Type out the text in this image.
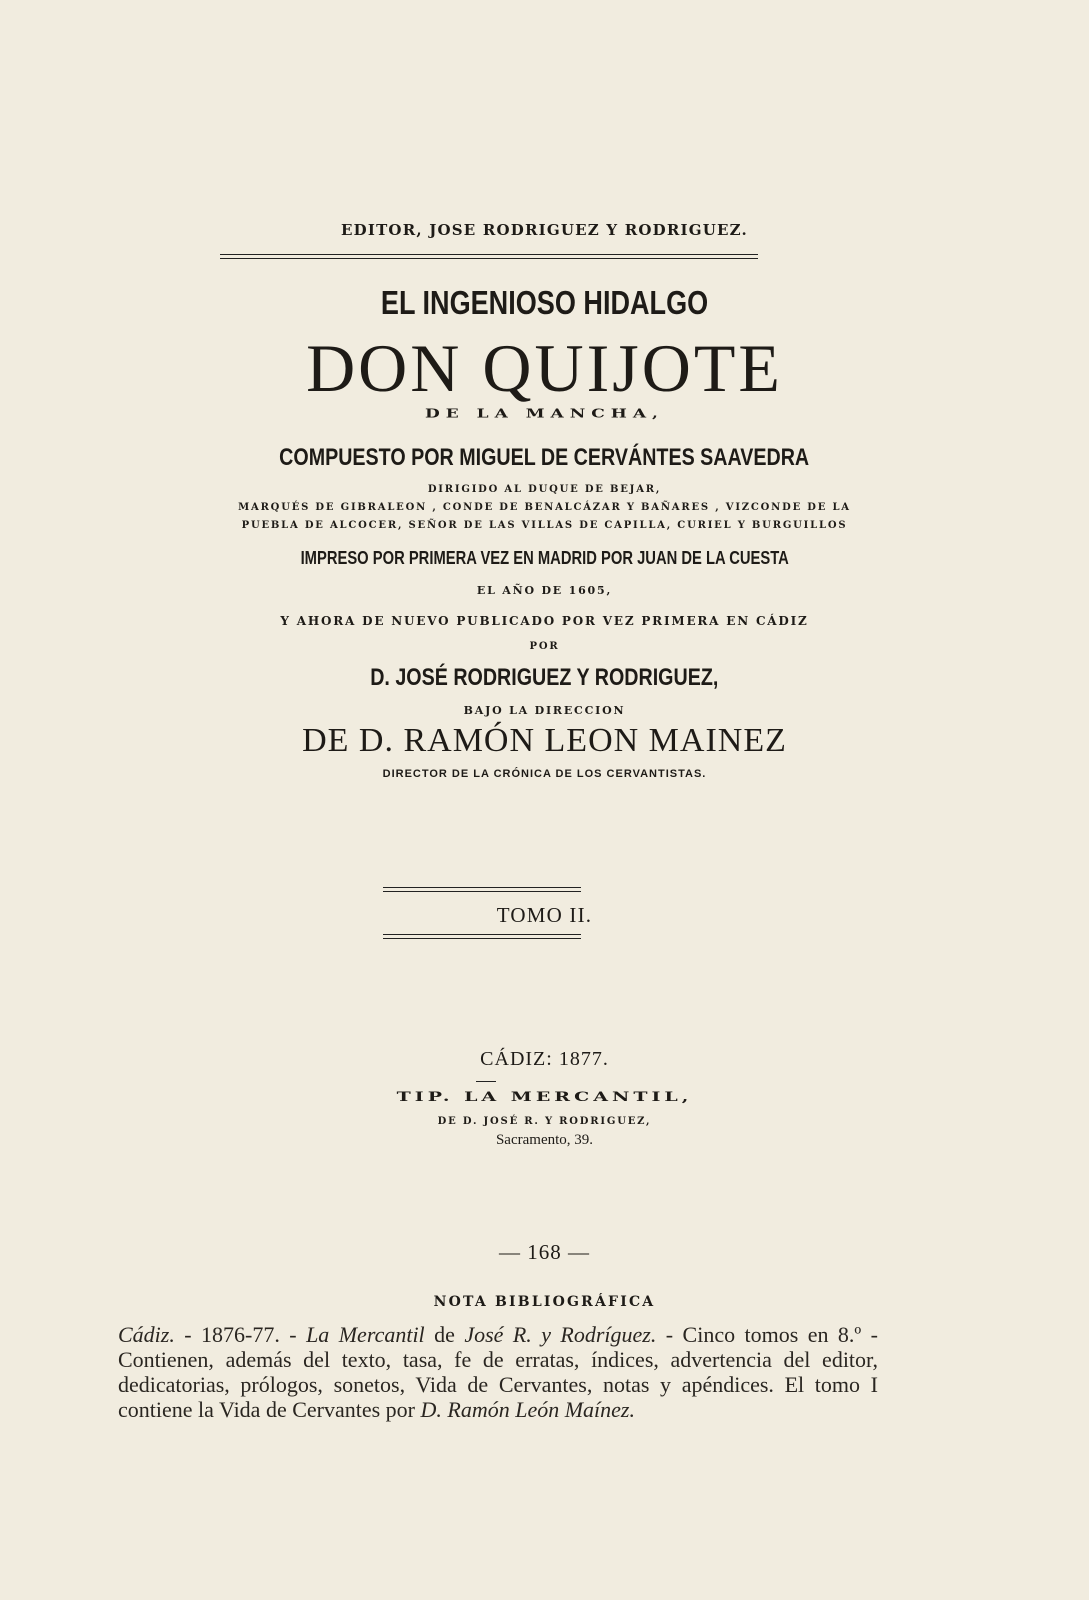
EDITOR, JOSE RODRIGUEZ Y RODRIGUEZ.
EL INGENIOSO HIDALGO
DON QUIJOTE
DE LA MANCHA,
COMPUESTO POR MIGUEL DE CERVÁNTES SAAVEDRA
DIRIGIDO AL DUQUE DE BEJAR,
MARQUÉS DE GIBRALEON , CONDE DE BENALCÁZAR Y BAÑARES , VIZCONDE DE LA
PUEBLA DE ALCOCER, SEÑOR DE LAS VILLAS DE CAPILLA, CURIEL Y BURGUILLOS
IMPRESO POR PRIMERA VEZ EN MADRID POR JUAN DE LA CUESTA
EL AÑO DE 1605,
Y AHORA DE NUEVO PUBLICADO POR VEZ PRIMERA EN CÁDIZ
POR
D. JOSÉ RODRIGUEZ Y RODRIGUEZ,
BAJO LA DIRECCION
DE D. RAMÓN LEON MAINEZ
DIRECTOR DE LA CRÓNICA DE LOS CERVANTISTAS.
TOMO II.
CÁDIZ: 1877.
TIP. LA MERCANTIL,
DE D. JOSÉ R. Y RODRIGUEZ,
Sacramento, 39.
— 168 —
NOTA BIBLIOGRÁFICA
Cádiz. - 1876-77. - La Mercantil de José R. y Rodríguez. - Cinco tomos en 8.º - Contienen, además del texto, tasa, fe de erratas, índices, advertencia del editor, dedicatorias, prólogos, sonetos, Vida de Cervantes, notas y apéndices. El tomo I contiene la Vida de Cervantes por D. Ramón León Maínez.
